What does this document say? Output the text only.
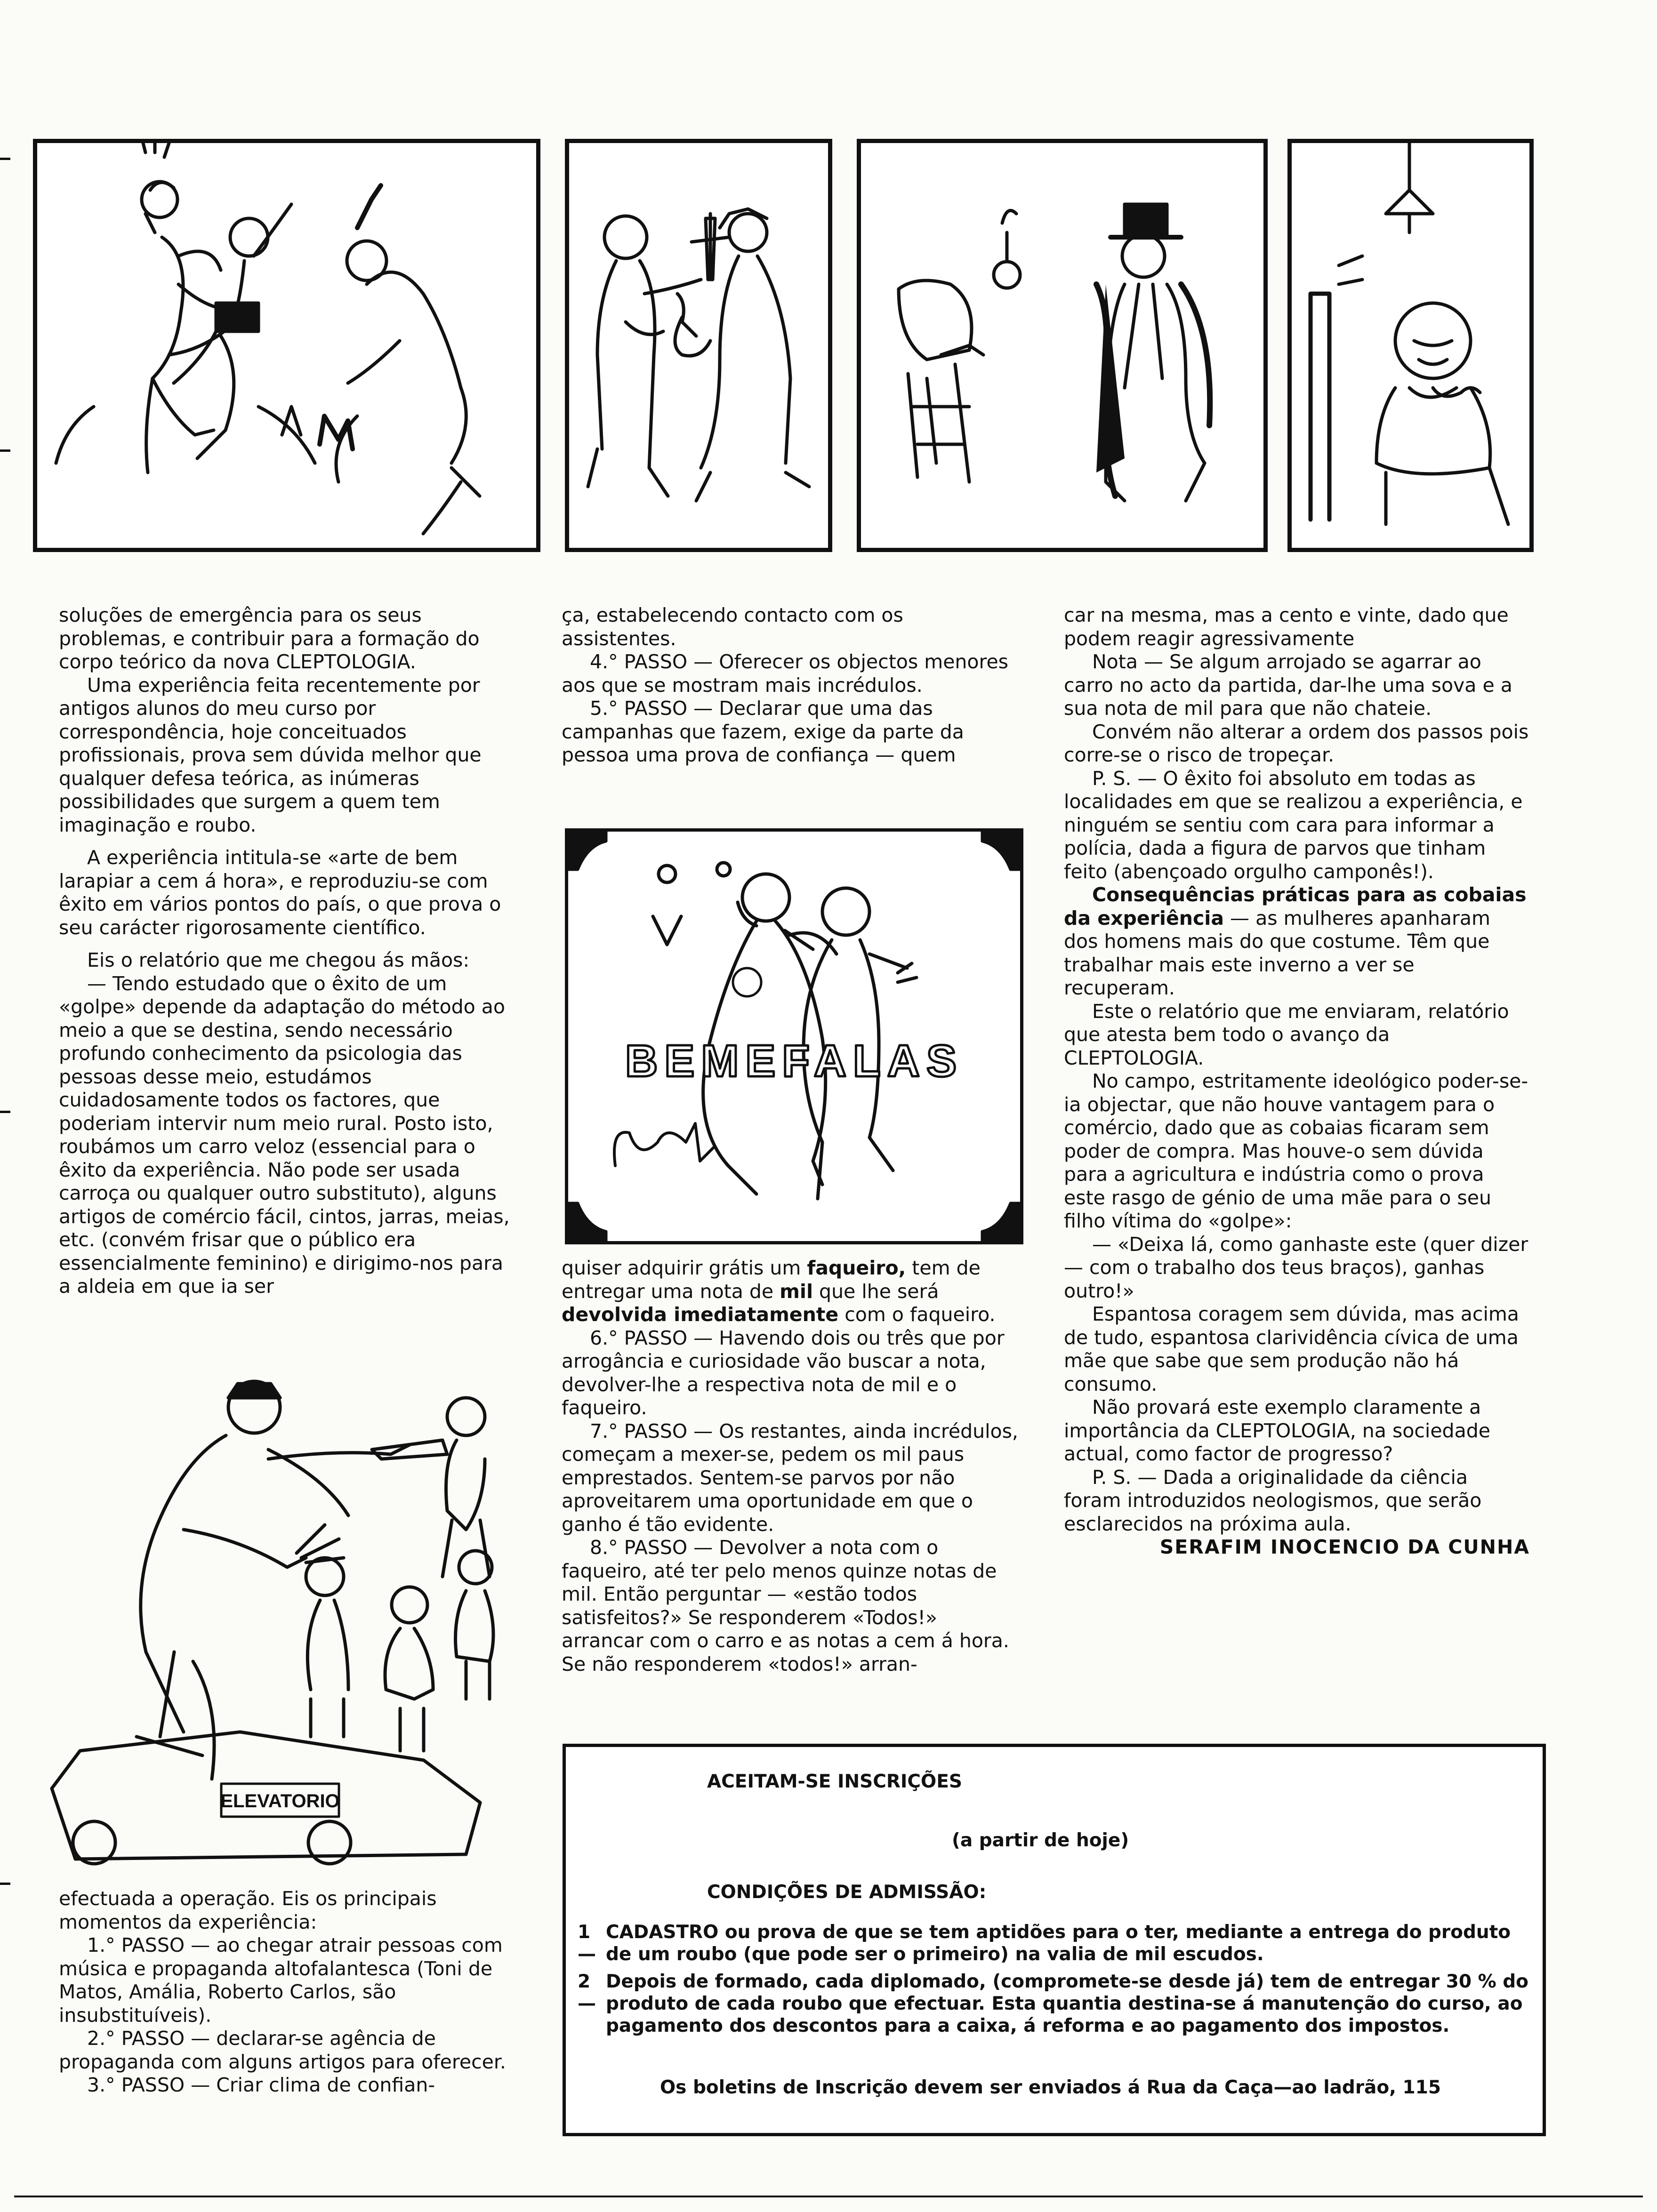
soluções de emergência para os seus problemas, e contribuir para a formação do corpo teórico da nova CLEPTOLOGIA.

Uma experiência feita recentemente por antigos alunos do meu curso por correspondência, hoje conceituados profissionais, prova sem dúvida melhor que qualquer defesa teórica, as inúmeras possibilidades que surgem a quem tem imaginação e roubo.

A experiência intitula-se «arte de bem larapiar a cem á hora», e reproduziu-se com êxito em vários pontos do país, o que prova o seu carácter rigorosamente científico.

Eis o relatório que me chegou ás mãos:

— Tendo estudado que o êxito de um «golpe» depende da adaptação do método ao meio a que se destina, sendo necessário profundo conhecimento da psicologia das pessoas desse meio, estudámos cuidadosamente todos os factores, que poderiam intervir num meio rural. Posto isto, roubámos um carro veloz (essencial para o êxito da experiência. Não pode ser usada carroça ou qualquer outro substituto), alguns artigos de comércio fácil, cintos, jarras, meias, etc. (convém frisar que o público era essencialmente feminino) e dirigimo-nos para a aldeia em que ia ser

ELEVATORIO

efectuada a operação. Eis os principais momentos da experiência:

1.° PASSO — ao chegar atrair pessoas com música e propaganda altofalantesca (Toni de Matos, Amália, Roberto Carlos, são insubstituíveis).

2.° PASSO — declarar-se agência de propaganda com alguns artigos para oferecer.

3.° PASSO — Criar clima de confian-

ça, estabelecendo contacto com os assistentes.

4.° PASSO — Oferecer os objectos menores aos que se mostram mais incrédulos.

5.° PASSO — Declarar que uma das campanhas que fazem, exige da parte da pessoa uma prova de confiança — quem

BEMEFALAS

quiser adquirir grátis um faqueiro, tem de entregar uma nota de mil que lhe será devolvida imediatamente com o faqueiro.

6.° PASSO — Havendo dois ou três que por arrogância e curiosidade vão buscar a nota, devolver-lhe a respectiva nota de mil e o faqueiro.

7.° PASSO — Os restantes, ainda incrédulos, começam a mexer-se, pedem os mil paus emprestados. Sentem-se parvos por não aproveitarem uma oportunidade em que o ganho é tão evidente.

8.° PASSO — Devolver a nota com o faqueiro, até ter pelo menos quinze notas de mil. Então perguntar — «estão todos satisfeitos?» Se responderem «Todos!» arrancar com o carro e as notas a cem á hora. Se não responderem «todos!» arran-

car na mesma, mas a cento e vinte, dado que podem reagir agressivamente

Nota — Se algum arrojado se agarrar ao carro no acto da partida, dar-lhe uma sova e a sua nota de mil para que não chateie.

Convém não alterar a ordem dos passos pois corre-se o risco de tropeçar.

P. S. — O êxito foi absoluto em todas as localidades em que se realizou a experiência, e ninguém se sentiu com cara para informar a polícia, dada a figura de parvos que tinham feito (abençoado orgulho camponês!).

Consequências práticas para as cobaias da experiência — as mulheres apanharam dos homens mais do que costume. Têm que trabalhar mais este inverno a ver se recuperam.

Este o relatório que me enviaram, relatório que atesta bem todo o avanço da CLEPTOLOGIA.

No campo, estritamente ideológico poder-se-ia objectar, que não houve vantagem para o comércio, dado que as cobaias ficaram sem poder de compra. Mas houve-o sem dúvida para a agricultura e indústria como o prova este rasgo de génio de uma mãe para o seu filho vítima do «golpe»:

— «Deixa lá, como ganhaste este (quer dizer — com o trabalho dos teus braços), ganhas outro!»

Espantosa coragem sem dúvida, mas acima de tudo, espantosa clarividência cívica de uma mãe que sabe que sem produção não há consumo.

Não provará este exemplo claramente a importância da CLEPTOLOGIA, na sociedade actual, como factor de progresso?

P. S. — Dada a originalidade da ciência foram introduzidos neologismos, que serão esclarecidos na próxima aula.

SERAFIM INOCENCIO DA CUNHA

ACEITAM-SE INSCRIÇÕES
(a partir de hoje)
CONDIÇÕES DE ADMISSÃO:
1 —
CADASTRO ou prova de que se tem aptidões para o ter, mediante a entrega do produto de um roubo (que pode ser o primeiro) na valia de mil escudos.
2 —
Depois de formado, cada diplomado, (compromete-se desde já) tem de entregar 30 % do produto de cada roubo que efectuar. Esta quantia destina-se á manutenção do curso, ao pagamento dos descontos para a caixa, á reforma e ao pagamento dos impostos.
Os boletins de Inscrição devem ser enviados á Rua da Caça—ao ladrão, 115
